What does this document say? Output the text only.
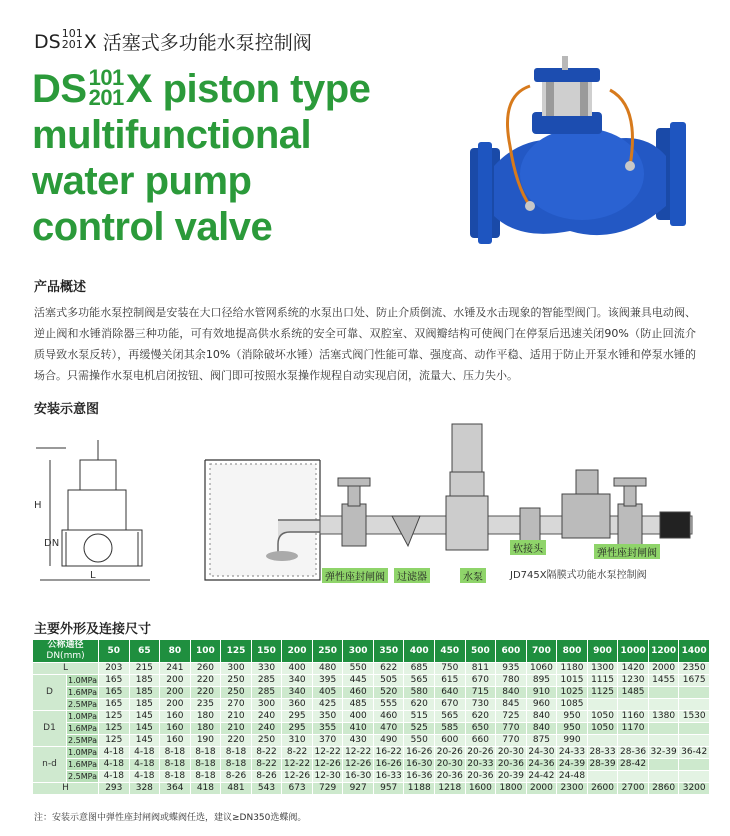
DS 101
201 X
活塞式多功能水泵控制阀
DS 101
201 X piston type
multifunctional
water pump
control valve
产品概述

活塞式多功能水泵控制阀是安装在大口径给水管网系统的水泵出口处、防止介质倒流、水锤及水击现象的智能型阀门。该阀兼具电动阀、逆止阀和水锤消除器三种功能，可有效地提高供水系统的安全可靠、双腔室、双阀瓣结构可使阀门在停泵后迅速关闭90%（防止回流介质导致水泵反转），再缓慢关闭其余10%（消除破坏水锤）活塞式阀门性能可靠、强度高、动作平稳、适用于防止开泵水锤和停泵水锤的场合。只需操作水泵电机启闭按钮、阀门即可按照水泵操作规程自动实现启闭，流量大、压力失小。

安装示意图
H
L
DN
弹性座封闸阀	过滤器	水泵
软接头	弹性座封闸阀
JD745X隔膜式功能水泵控制阀
主要外形及连接尺寸
公称通径
DN(mm)		50	65	80	100	125	150	200	250	300	350	400	450	500	600	700	800	900	1000	1200	1400
L		203	215	241	260	300	330	400	480	550	622	685	750	811	935	1060	1180	1300	1420	2000	2350
D	1.0MPa	165	185	200	220	250	285	340	395	445	505	565	615	670	780	895	1015	1115	1230	1455	1675
	1.6MPa	165	185	200	220	250	285	340	405	460	520	580	640	715	840	910	1025	1125	1485		
	2.5MPa	165	185	200	235	270	300	360	425	485	555	620	670	730	845	960	1085				
D1	1.0MPa	125	145	160	180	210	240	295	350	400	460	515	565	620	725	840	950	1050	1160	1380	1530
	1.6MPa	125	145	160	180	210	240	295	355	410	470	525	585	650	770	840	950	1050	1170		
	2.5MPa	125	145	160	190	220	250	310	370	430	490	550	600	660	770	875	990				
n-d	1.0MPa	4-18	4-18	8-18	8-18	8-18	8-22	8-22	12-22	12-22	16-22	16-26	20-26	20-26	20-30	24-30	24-33	28-33	28-36	32-39	36-42
	1.6MPa	4-18	4-18	8-18	8-18	8-18	8-22	12-22	12-26	12-26	16-26	16-30	20-30	20-33	20-36	24-36	24-39	28-39	28-42		
	2.5MPa	4-18	4-18	8-18	8-18	8-26	8-26	12-26	12-30	16-30	16-33	16-36	20-36	20-36	20-39	24-42	24-48				
H		293	328	364	418	481	543	673	729	927	957	1188	1218	1600	1800	2000	2300	2600	2700	2860	3200
注：安装示意图中弹性座封闸阀或蝶阀任选，建议≥DN350选蝶阀。
